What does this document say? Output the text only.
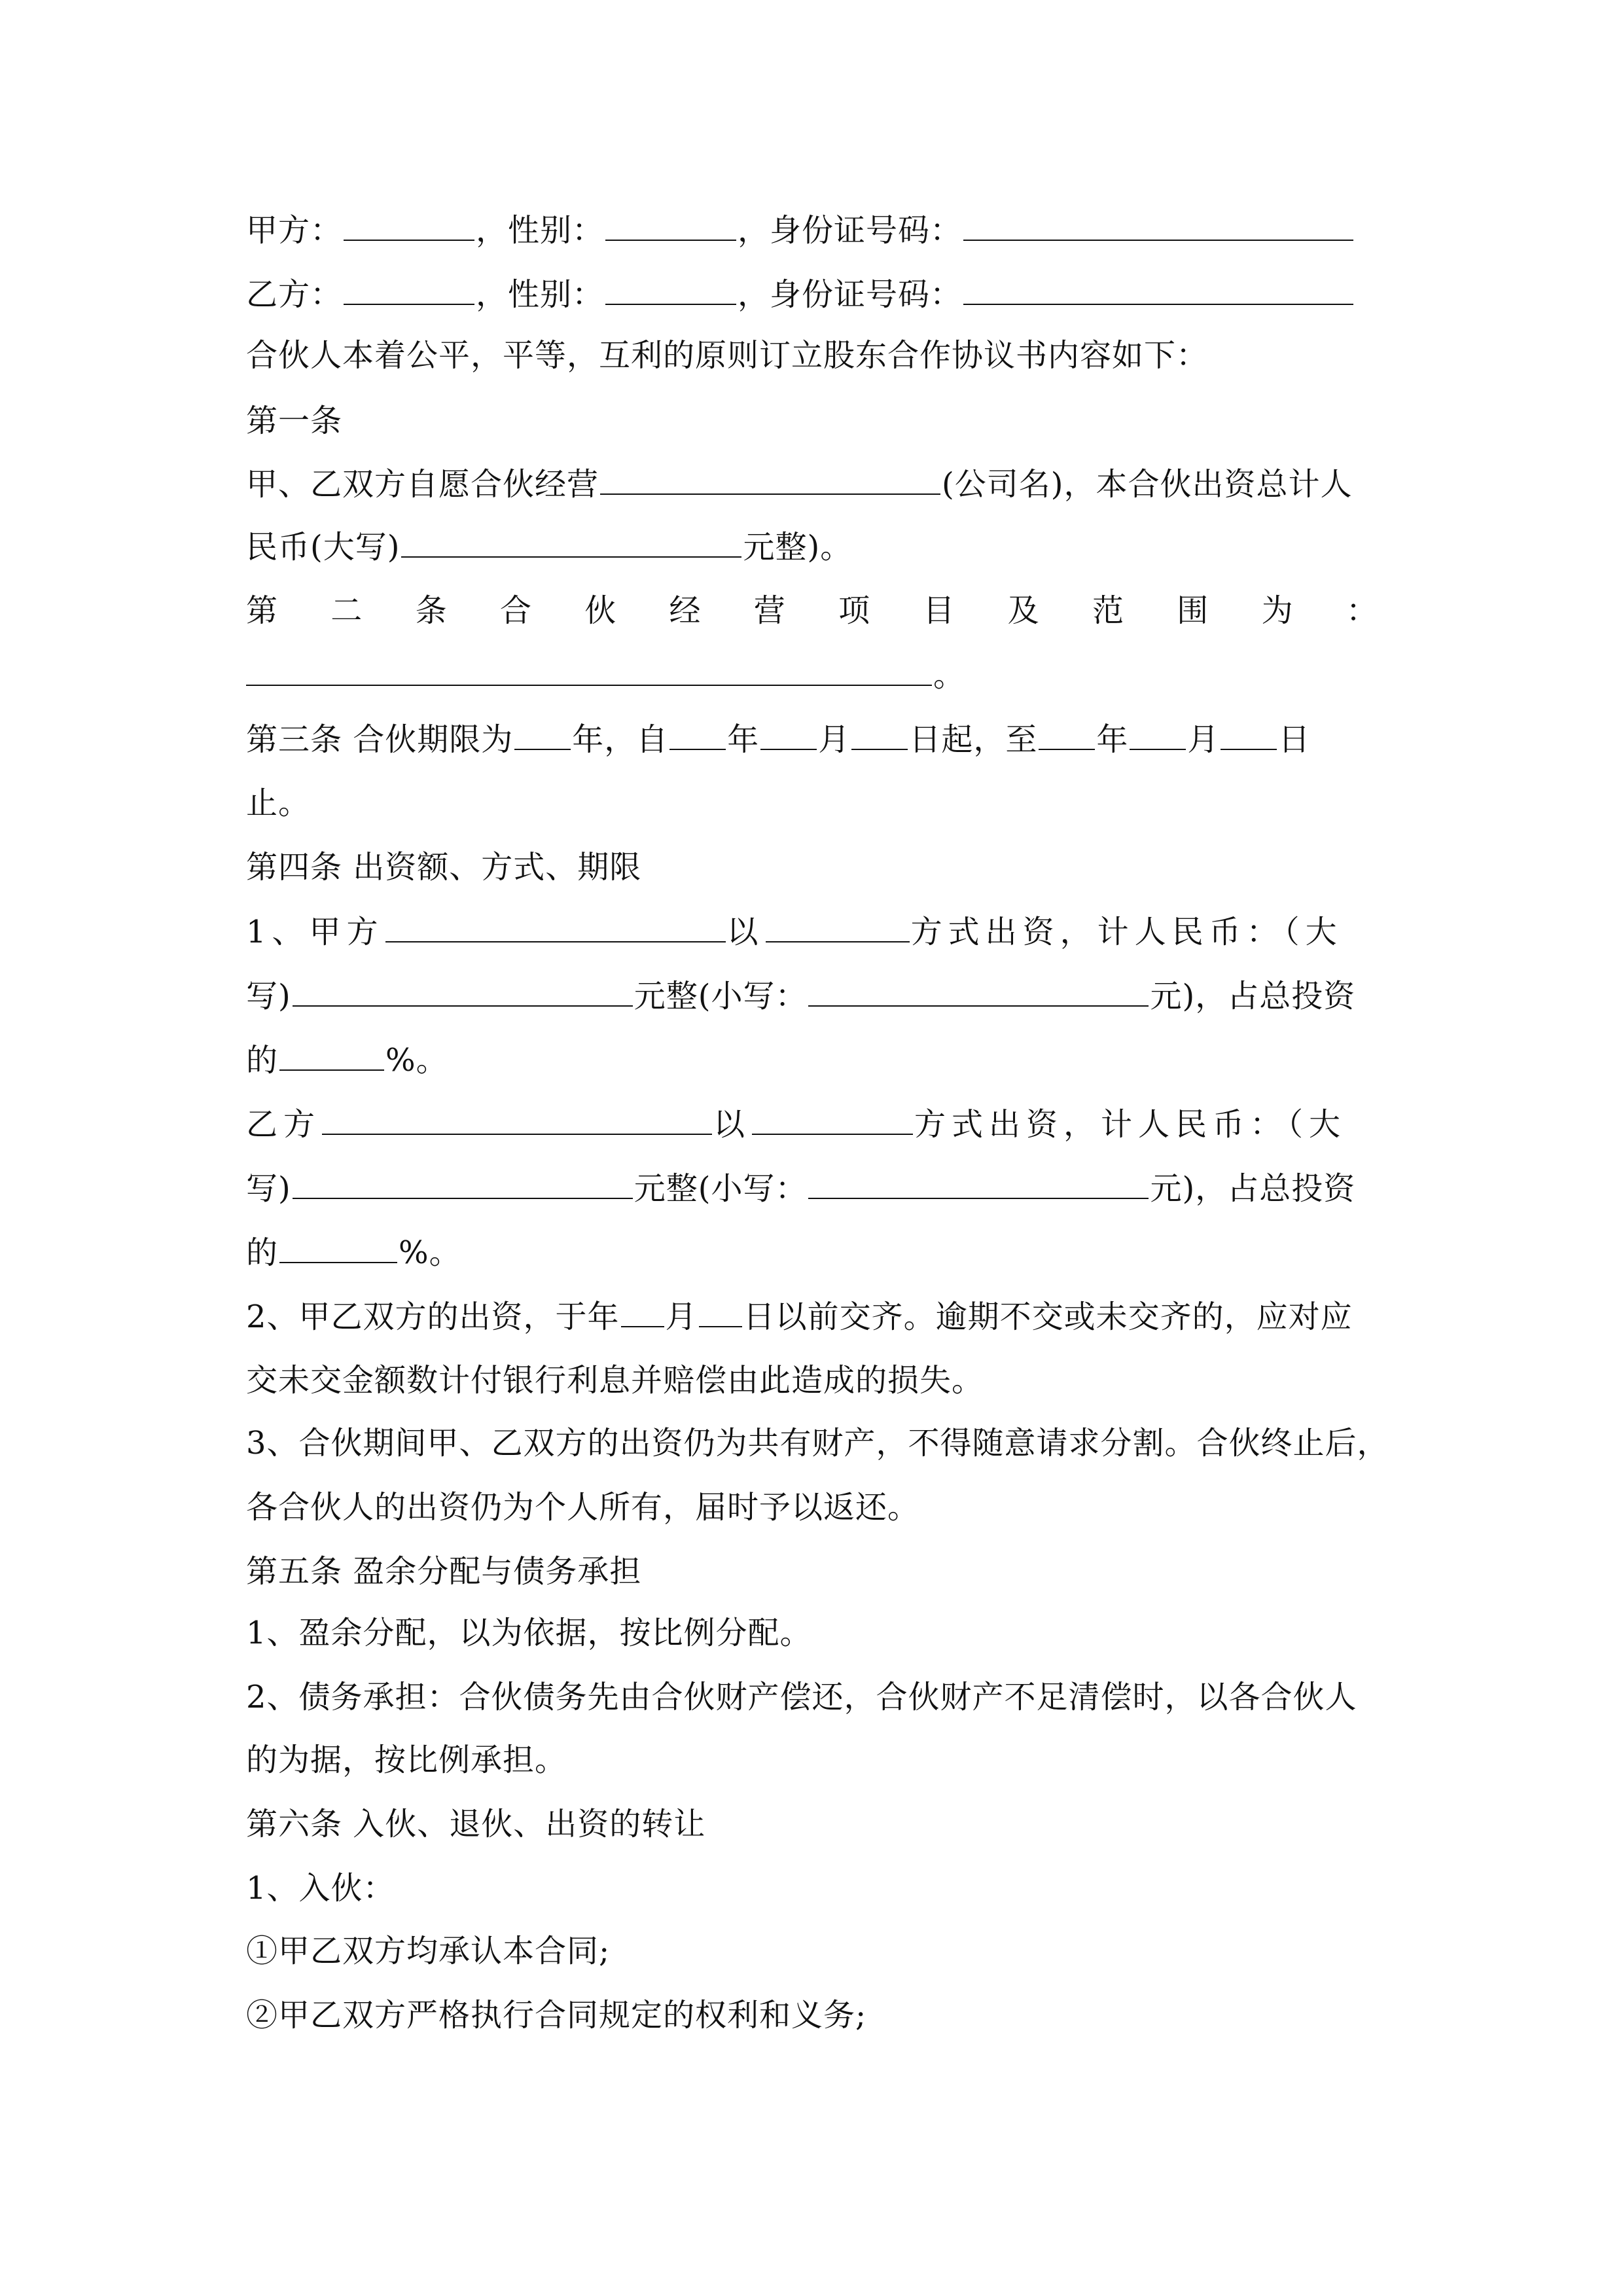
甲方：	，性别：	，身份证号码：
乙方：	，性别：	，身份证号码：
合伙人本着公平，平等，互利的原则订立股东合作协议书内容如下：
第一条
甲、乙双方自愿合伙经营	(公司名)，本合伙出资总计人
民币(大写)	元整)。
第 二 条 合 伙 经 营 项 目 及 范 围 为 ：
。
第三条 合伙期限为 年，自 年 月 日起，至 年 月 日
止。
第四条 出资额、方式、期限
1、甲方	以	方式出资，计人民币：（大
写)	元整(小写：	元)，占总投资
的	%。
乙方	以	方式出资，计人民币：（大
写)	元整(小写：	元)，占总投资
的	%。
2、甲乙双方的出资，于年 月 日以前交齐。逾期不交或未交齐的，应对应
交未交金额数计付银行利息并赔偿由此造成的损失。
3、合伙期间甲、乙双方的出资仍为共有财产，不得随意请求分割。合伙终止后，
各合伙人的出资仍为个人所有，届时予以返还。
第五条 盈余分配与债务承担
1、盈余分配，以为依据，按比例分配。
2、债务承担：合伙债务先由合伙财产偿还，合伙财产不足清偿时，以各合伙人
的为据，按比例承担。
第六条 入伙、退伙、出资的转让
1、入伙：
①甲乙双方均承认本合同;
②甲乙双方严格执行合同规定的权利和义务;
